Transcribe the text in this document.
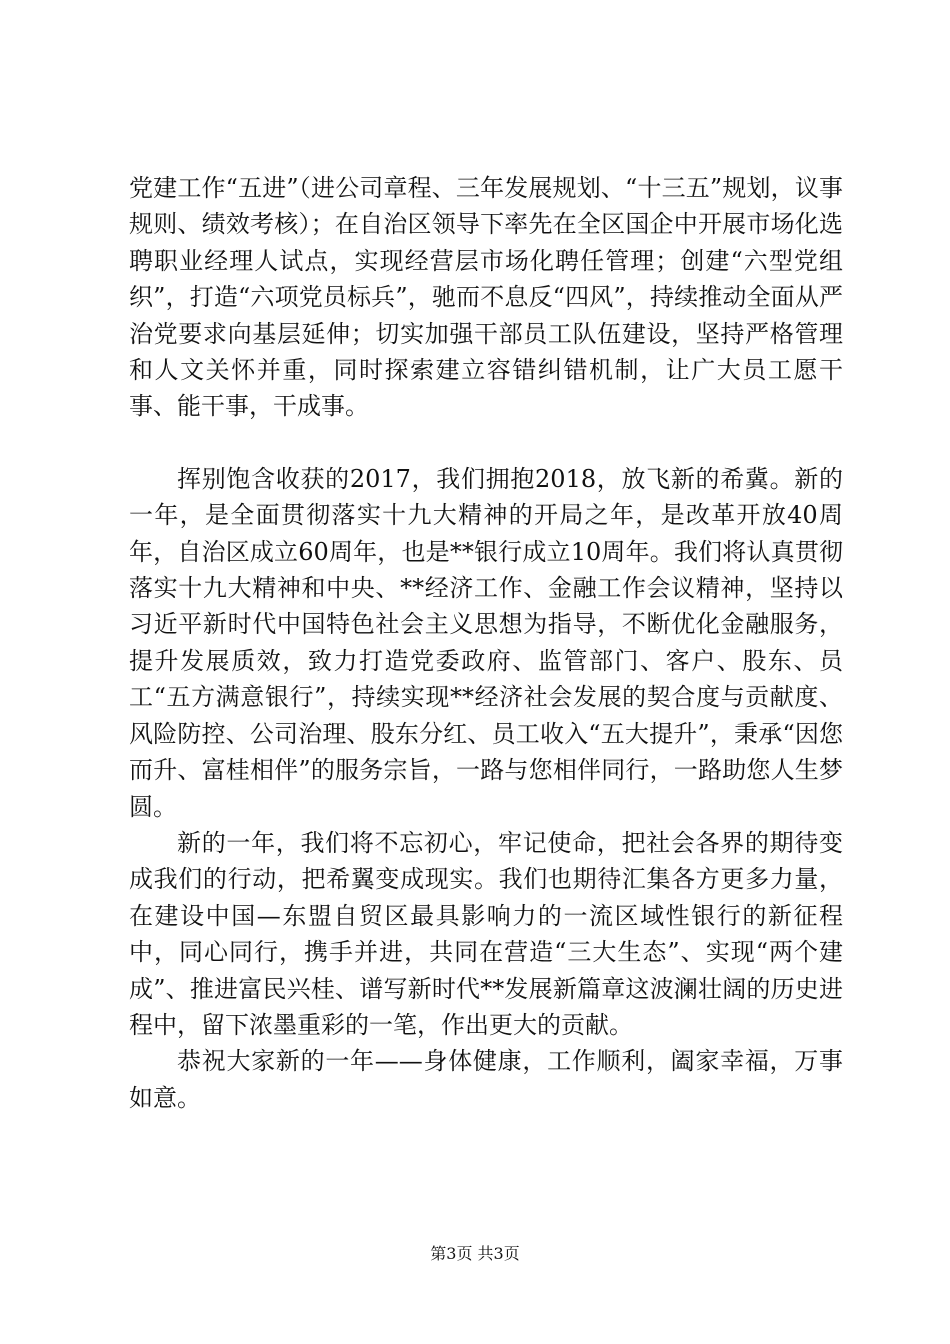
党建工作“五进”（进公司章程、三年发展规划、“十三五”规划，议事规则、绩效考核）；在自治区领导下率先在全区国企中开展市场化选聘职业经理人试点，实现经营层市场化聘任管理；创建“六型党组织”，打造“六项党员标兵”，驰而不息反“四风”，持续推动全面从严治党要求向基层延伸；切实加强干部员工队伍建设，坚持严格管理和人文关怀并重，同时探索建立容错纠错机制，让广大员工愿干事、能干事，干成事。

挥别饱含收获的2017，我们拥抱2018，放飞新的希冀。新的一年，是全面贯彻落实十九大精神的开局之年，是改革开放40周年，自治区成立60周年，也是**银行成立10周年。我们将认真贯彻落实十九大精神和中央、**经济工作、金融工作会议精神，坚持以习近平新时代中国特色社会主义思想为指导，不断优化金融服务，提升发展质效，致力打造党委政府、监管部门、客户、股东、员工“五方满意银行”，持续实现**经济社会发展的契合度与贡献度、风险防控、公司治理、股东分红、员工收入“五大提升”，秉承“因您而升、富桂相伴”的服务宗旨，一路与您相伴同行，一路助您人生梦圆。

新的一年，我们将不忘初心，牢记使命，把社会各界的期待变成我们的行动，把希翼变成现实。我们也期待汇集各方更多力量，在建设中国—东盟自贸区最具影响力的一流区域性银行的新征程中，同心同行，携手并进，共同在营造“三大生态”、实现“两个建成”、推进富民兴桂、谱写新时代**发展新篇章这波澜壮阔的历史进程中，留下浓墨重彩的一笔，作出更大的贡献。

恭祝大家新的一年——身体健康，工作顺利，阖家幸福，万事如意。

第3页 共3页
